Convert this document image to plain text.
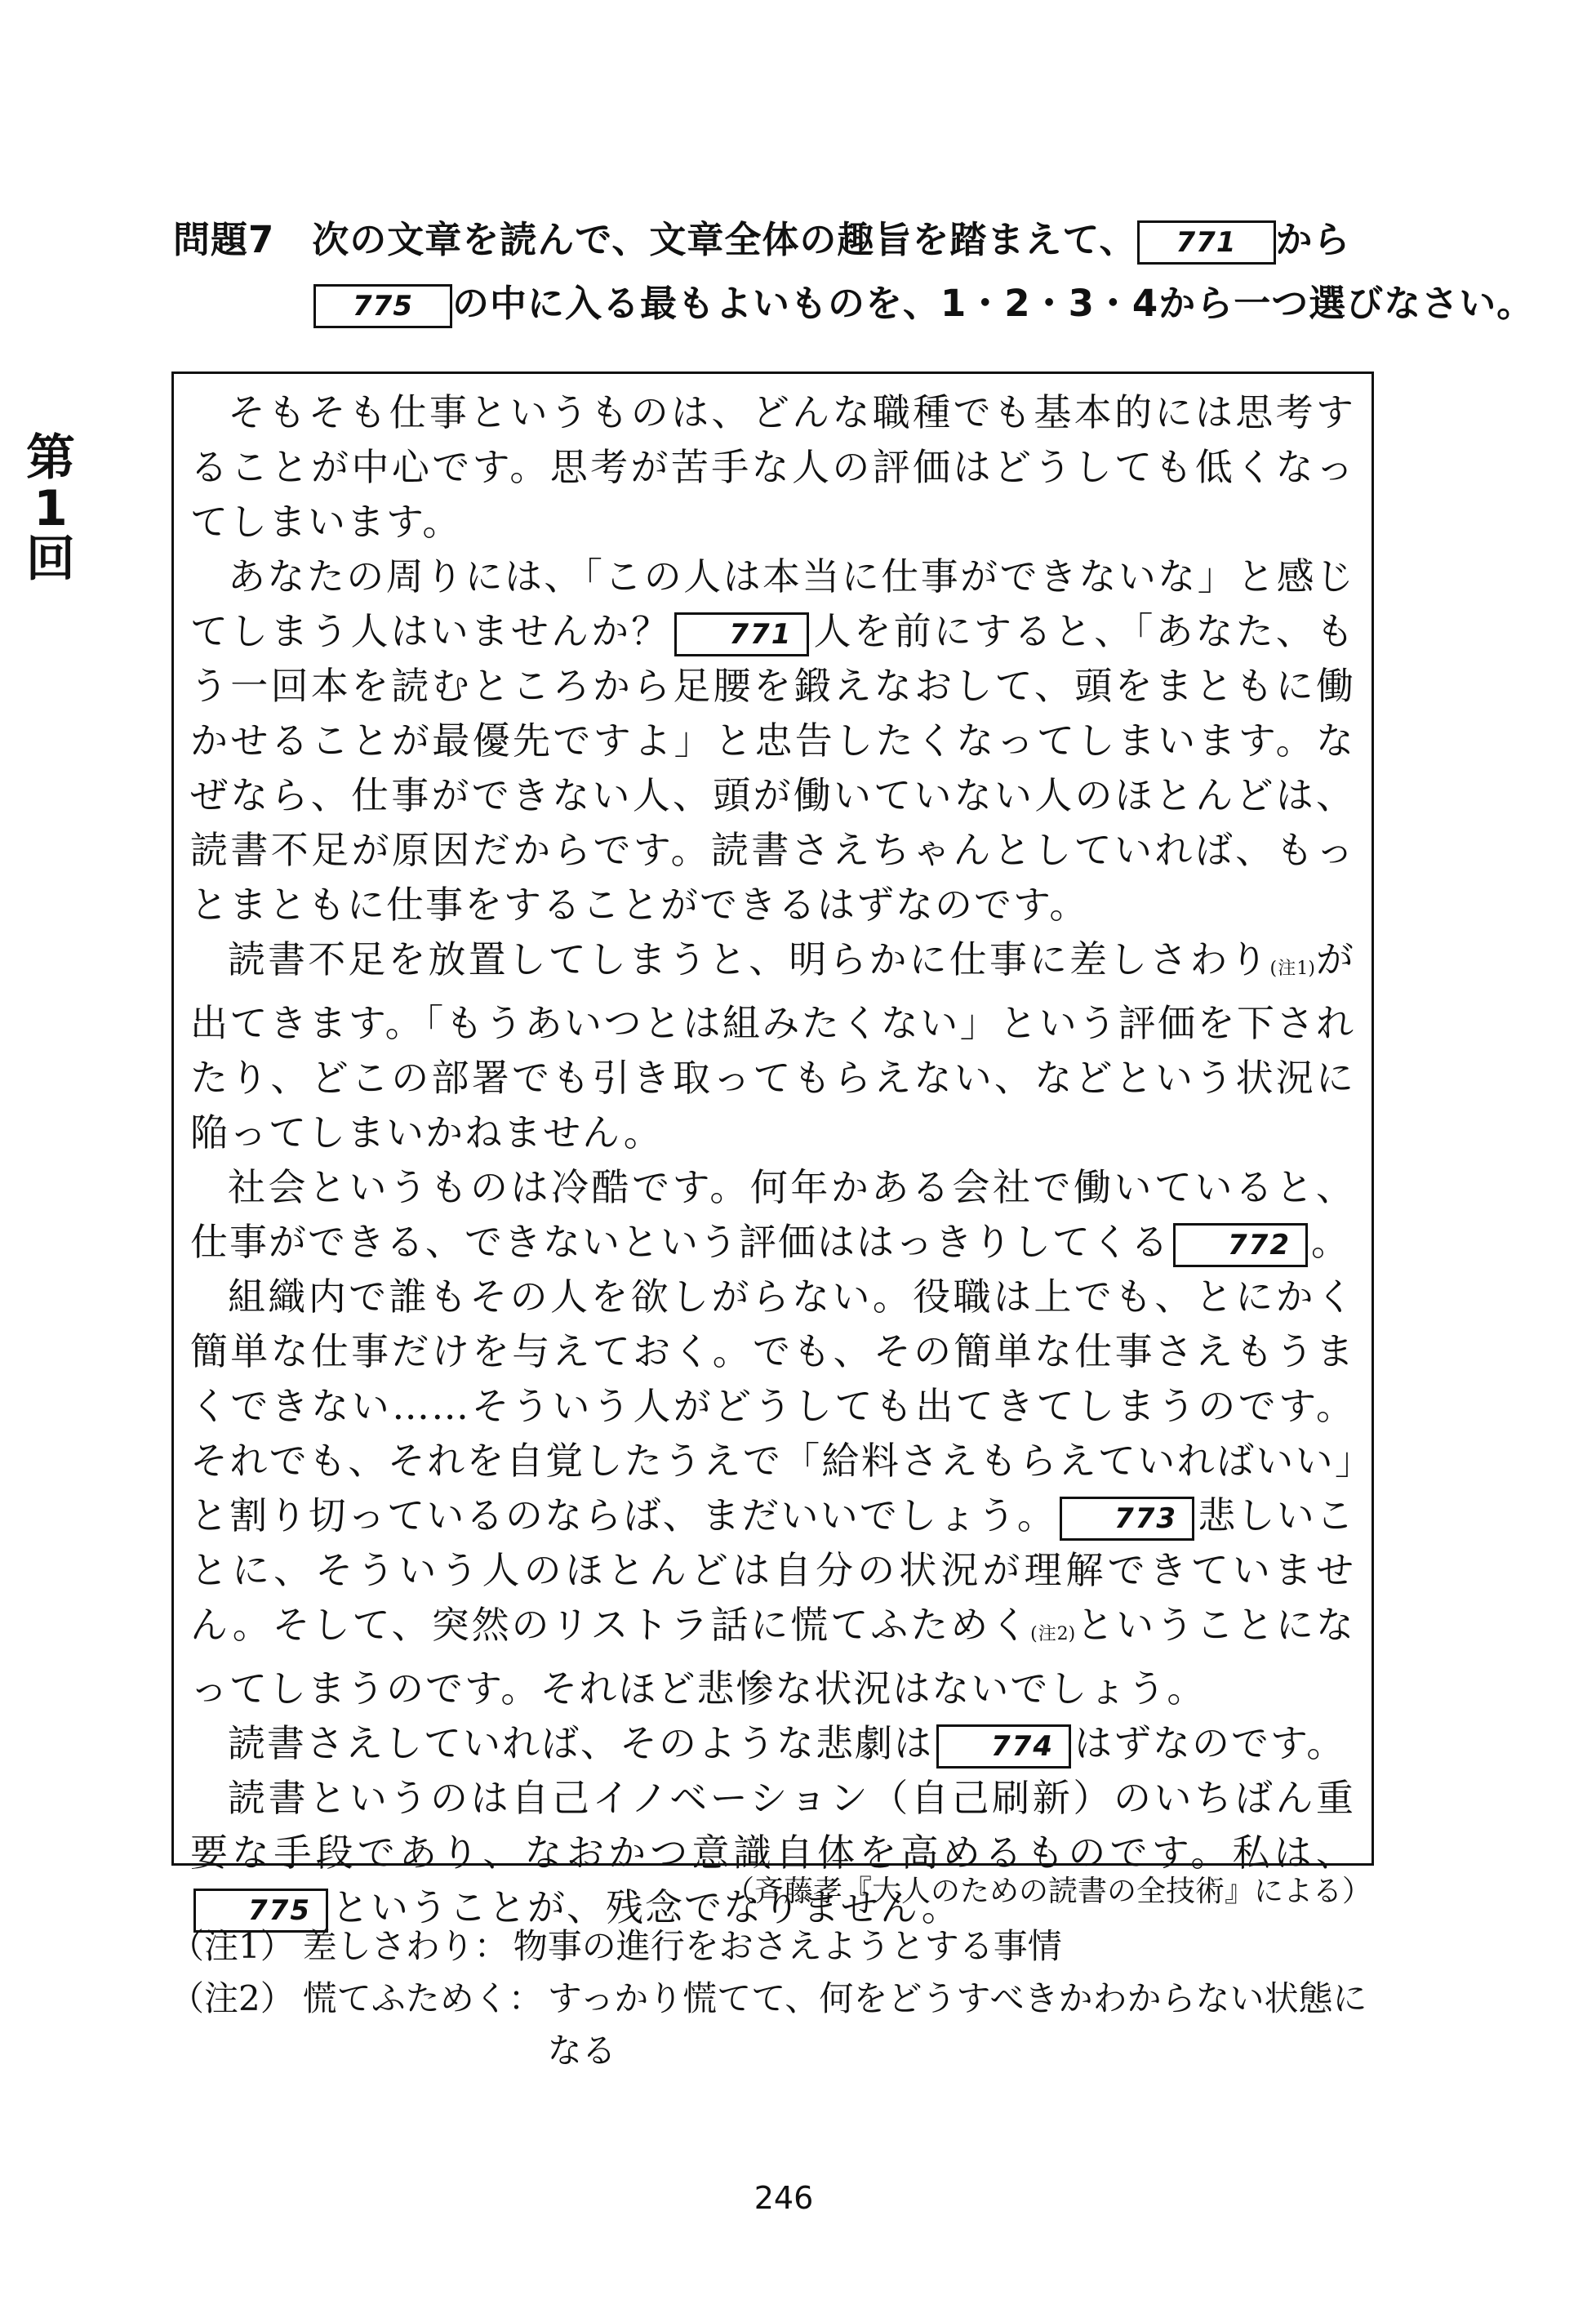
第
1
回
問題7　次の文章を読んで、文章全体の趣旨を踏まえて、 771 から
775 の中に入る最もよいものを、1・2・3・4から一つ選びなさい。

そもそも仕事というものは、どんな職種でも基本的には思考することが中心です。思考が苦手な人の評価はどうしても低くなってしまいます。

あなたの周りには、「この人は本当に仕事ができないな」と感じてしまう人はいませんか？ 771 人を前にすると、「あなた、もう一回本を読むところから足腰を鍛えなおして、頭をまともに働かせることが最優先ですよ」と忠告したくなってしまいます。なぜなら、仕事ができない人、頭が働いていない人のほとんどは、読書不足が原因だからです。読書さえちゃんとしていれば、もっとまともに仕事をすることができるはずなのです。

読書不足を放置してしまうと、明らかに仕事に差しさわり(注1)が出てきます。「もうあいつとは組みたくない」という評価を下されたり、どこの部署でも引き取ってもらえない、などという状況に陥ってしまいかねません。

社会というものは冷酷です。何年かある会社で働いていると、仕事ができる、できないという評価ははっきりしてくる 772 。

組織内で誰もその人を欲しがらない。役職は上でも、とにかく簡単な仕事だけを与えておく。でも、その簡単な仕事さえもうまくできない……そういう人がどうしても出てきてしまうのです。それでも、それを自覚したうえで「給料さえもらえていればいい」と割り切っているのならば、まだいいでしょう。 773 悲しいことに、そういう人のほとんどは自分の状況が理解できていません。そして、突然のリストラ話に慌てふためく(注2)ということになってしまうのです。それほど悲惨な状況はないでしょう。

読書さえしていれば、そのような悲劇は 774 はずなのです。

読書というのは自己イノベーション（自己刷新）のいちばん重要な手段であり、なおかつ意識自体を高めるものです。私は、775 ということが、残念でなりません。

（斉藤孝『大人のための読書の全技術』による）
（注1） 差しさわり： 物事の進行をおさえようとする事情
（注2） 慌てふためく： すっかり慌てて、何をどうすべきかわからない状態になる
246
